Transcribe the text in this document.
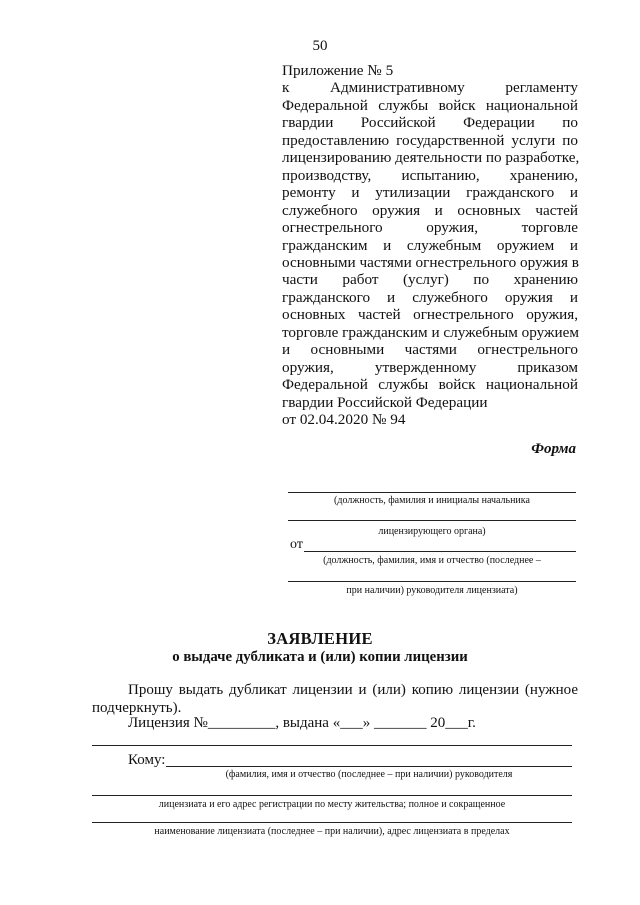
50
Приложение № 5
к Административному регламенту
Федеральной службы войск национальной
гвардии Российской Федерации по
предоставлению государственной услуги по
лицензированию деятельности по разработке,
производству, испытанию, хранению,
ремонту и утилизации гражданского и
служебного оружия и основных частей
огнестрельного оружия, торговле
гражданским и служебным оружием и
основными частями огнестрельного оружия в
части работ (услуг) по хранению
гражданского и служебного оружия и
основных частей огнестрельного оружия,
торговле гражданским и служебным оружием
и основными частями огнестрельного
оружия, утвержденному приказом
Федеральной службы войск национальной
гвардии Российской Федерации
от 02.04.2020 № 94
Форма
(должность, фамилия и инициалы начальника
лицензирующего органа)
от
(должность, фамилия, имя и отчество (последнее –
при наличии) руководителя лицензиата)
ЗАЯВЛЕНИЕ
о выдаче дубликата и (или) копии лицензии
Прошу выдать дубликат лицензии и (или) копию лицензии (нужное
подчеркнуть).
Лицензия №_________, выдана «___» _______ 20___г.
Кому:
(фамилия, имя и отчество (последнее – при наличии) руководителя
лицензиата и его адрес регистрации по месту жительства; полное и сокращенное
наименование лицензиата (последнее – при наличии), адрес лицензиата в пределах
